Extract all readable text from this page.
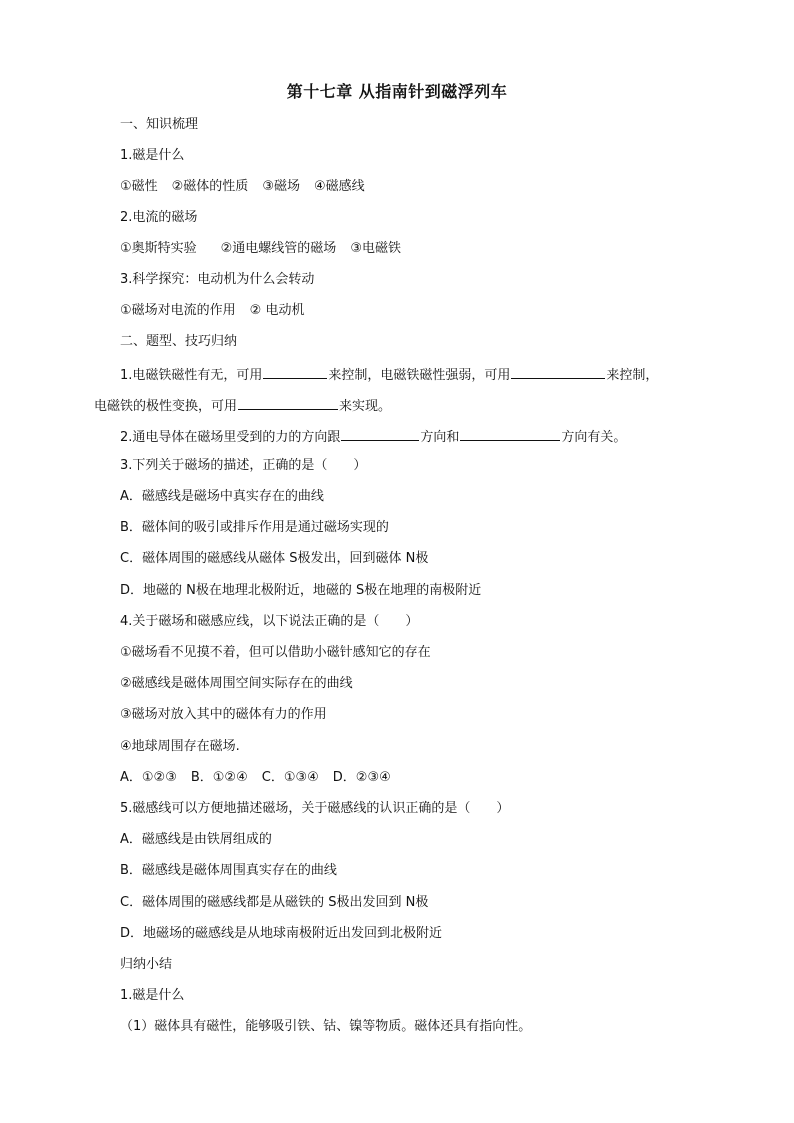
第十七章 从指南针到磁浮列车
一、知识梳理
1.磁是什么
①磁性 ②磁体的性质 ③磁场 ④磁感线
2.电流的磁场
①奥斯特实验 ②通电螺线管的磁场 ③电磁铁
3.科学探究：电动机为什么会转动
①磁场对电流的作用 ② 电动机
二、题型、技巧归纳
1.电磁铁磁性有无，可用	来控制，电磁铁磁性强弱，可用	来控制，
电磁铁的极性变换，可用	来实现。
2.通电导体在磁场里受到的力的方向跟	方向和	方向有关。
3.下列关于磁场的描述，正确的是（　　）
A．磁感线是磁场中真实存在的曲线
B．磁体间的吸引或排斥作用是通过磁场实现的
C．磁体周围的磁感线从磁体 S极发出，回到磁体 N极
D．地磁的 N极在地理北极附近，地磁的 S极在地理的南极附近
4.关于磁场和磁感应线，以下说法正确的是（　　）
①磁场看不见摸不着，但可以借助小磁针感知它的存在
②磁感线是磁体周围空间实际存在的曲线
③磁场对放入其中的磁体有力的作用
④地球周围存在磁场.
A．①②③ B．①②④ C．①③④ D．②③④
5.磁感线可以方便地描述磁场，关于磁感线的认识正确的是（　　）
A．磁感线是由铁屑组成的
B．磁感线是磁体周围真实存在的曲线
C．磁体周围的磁感线都是从磁铁的 S极出发回到 N极
D．地磁场的磁感线是从地球南极附近出发回到北极附近
归纳小结
1.磁是什么
（1）磁体具有磁性，能够吸引铁、钴、镍等物质。磁体还具有指向性。
